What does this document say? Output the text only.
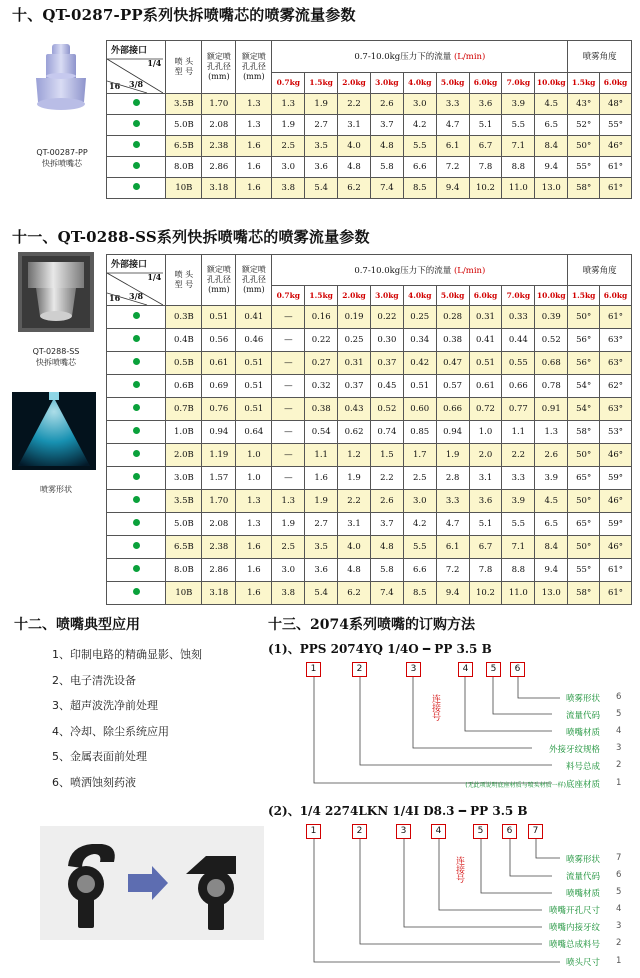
十、QT-0287-PP系列快拆喷嘴芯的喷雾流量参数
QT-00287-PP
快拆喷嘴芯
外部接口
1/4
3/8
16	喷 头
型 号	额定喷
孔孔径
(mm)	额定喷
孔孔径
(mm)	0.7-10.0kg压力下的流量 (L/min)									喷雾角度	
				0.7kg	1.5kg	2.0kg	3.0kg	4.0kg	5.0kg	6.0kg	7.0kg	10.0kg	1.5kg	6.0kg
	3.5B	1.70	1.3	1.3	1.9	2.2	2.6	3.0	3.3	3.6	3.9	4.5	43°	48°
	5.0B	2.08	1.3	1.9	2.7	3.1	3.7	4.2	4.7	5.1	5.5	6.5	52°	55°
	6.5B	2.38	1.6	2.5	3.5	4.0	4.8	5.5	6.1	6.7	7.1	8.4	50°	46°
	8.0B	2.86	1.6	3.0	3.6	4.8	5.8	6.6	7.2	7.8	8.8	9.4	55°	61°
	10B	3.18	1.6	3.8	5.4	6.2	7.4	8.5	9.4	10.2	11.0	13.0	58°	61°
十一、QT-0288-SS系列快拆喷嘴芯的喷雾流量参数
QT-0288-SS
快拆喷嘴芯
喷雾形状
外部接口
1/4
3/8
16	喷 头
型 号	额定喷
孔孔径
(mm)	额定喷
孔孔径
(mm)	0.7-10.0kg压力下的流量 (L/min)									喷雾角度	
				0.7kg	1.5kg	2.0kg	3.0kg	4.0kg	5.0kg	6.0kg	7.0kg	10.0kg	1.5kg	6.0kg
	0.3B	0.51	0.41	—	0.16	0.19	0.22	0.25	0.28	0.31	0.33	0.39	50°	61°
	0.4B	0.56	0.46	—	0.22	0.25	0.30	0.34	0.38	0.41	0.44	0.52	56°	63°
	0.5B	0.61	0.51	—	0.27	0.31	0.37	0.42	0.47	0.51	0.55	0.68	56°	63°
	0.6B	0.69	0.51	—	0.32	0.37	0.45	0.51	0.57	0.61	0.66	0.78	54°	62°
	0.7B	0.76	0.51	—	0.38	0.43	0.52	0.60	0.66	0.72	0.77	0.91	54°	63°
	1.0B	0.94	0.64	—	0.54	0.62	0.74	0.85	0.94	1.0	1.1	1.3	58°	53°
	2.0B	1.19	1.0	—	1.1	1.2	1.5	1.7	1.9	2.0	2.2	2.6	50°	46°
	3.0B	1.57	1.0	—	1.6	1.9	2.2	2.5	2.8	3.1	3.3	3.9	65°	59°
	3.5B	1.70	1.3	1.3	1.9	2.2	2.6	3.0	3.3	3.6	3.9	4.5	50°	46°
	5.0B	2.08	1.3	1.9	2.7	3.1	3.7	4.2	4.7	5.1	5.5	6.5	65°	59°
	6.5B	2.38	1.6	2.5	3.5	4.0	4.8	5.5	6.1	6.7	7.1	8.4	50°	46°
	8.0B	2.86	1.6	3.0	3.6	4.8	5.8	6.6	7.2	7.8	8.8	9.4	55°	61°
	10B	3.18	1.6	3.8	5.4	6.2	7.4	8.5	9.4	10.2	11.0	13.0	58°	61°
十二、喷嘴典型应用
1、印制电路的精确显影、蚀刻
2、电子清洗设备
3、超声波洗净前处理
4、冷却、除尘系统应用
5、金属表面前处理
6、喷洒蚀刻药液
十三、2074系列喷嘴的订购方法
(1)、PPS 2074YQ 1/4O ━ PP 3.5 B
1	2	3	4	5	6
连接号	喷雾形状 6
流量代码 5
喷嘴材质 4
外接牙纹规格 3
料号总成 2
(无此项说明底座材质与喷头材质一样)底座材质 1
(2)、1/4 2274LKN 1/4I D8.3 ━ PP 3.5 B
1	2	3	4	5	6	7
连接号	喷雾形状 7
流量代码 6
喷嘴材质 5
喷嘴开孔尺寸 4
喷嘴内接牙纹 3
喷嘴总成料号 2
喷头尺寸 1
